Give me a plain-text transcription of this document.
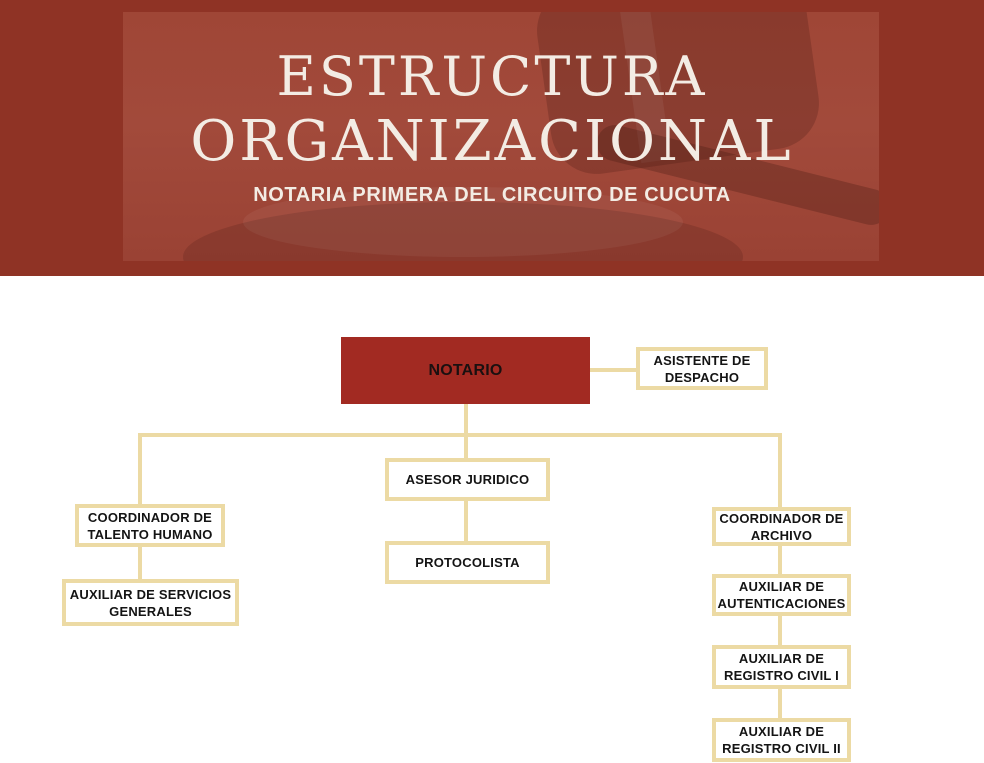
ESTRUCTURA
ORGANIZACIONAL
NOTARIA PRIMERA DEL CIRCUITO DE CUCUTA
NOTARIO
ASISTENTE DE DESPACHO
ASESOR JURIDICO
PROTOCOLISTA
COORDINADOR DE TALENTO HUMANO
AUXILIAR DE SERVICIOS GENERALES
COORDINADOR DE ARCHIVO
AUXILIAR DE AUTENTICACIONES
AUXILIAR DE REGISTRO CIVIL I
AUXILIAR DE REGISTRO CIVIL II
